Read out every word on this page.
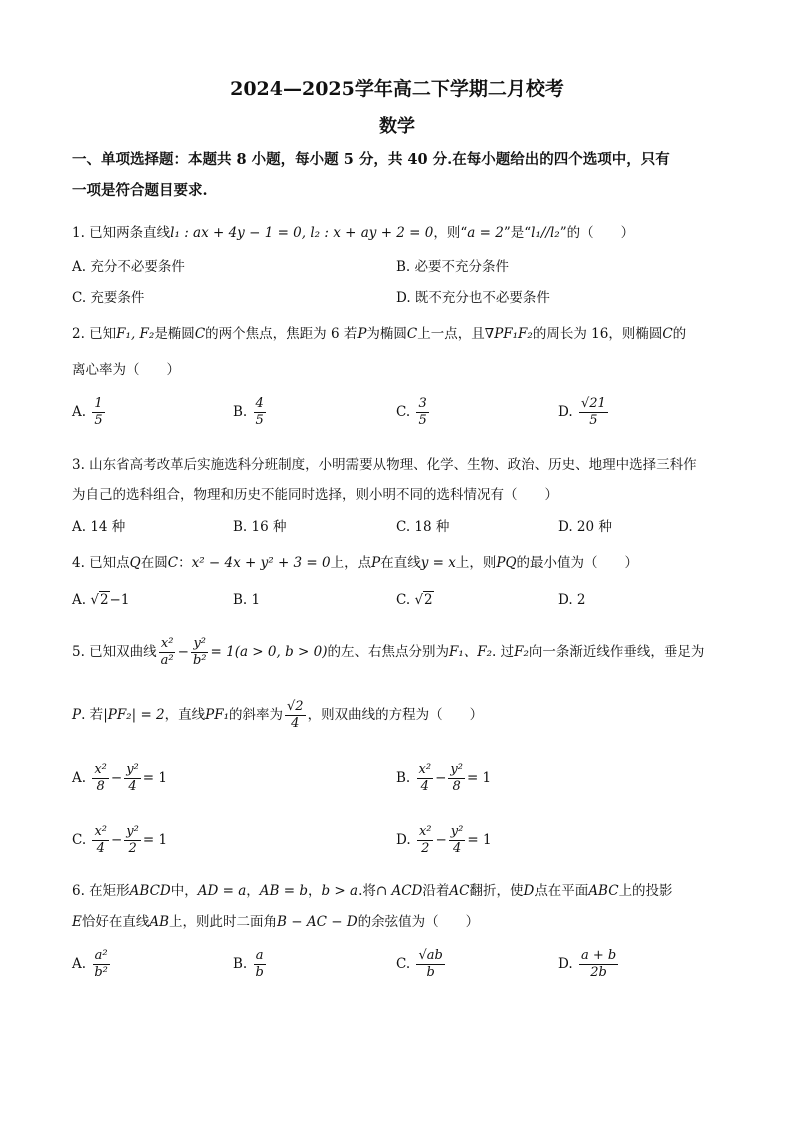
2024—2025学年高二下学期二月校考
数学
一、单项选择题：本题共 8 小题，每小题 5 分，共 40 分.在每小题给出的四个选项中，只有
一项是符合题目要求.
1. 已知两条直线l₁ : ax + 4y − 1 = 0, l₂ : x + ay + 2 = 0，则“a = 2”是“l₁//l₂”的（　　）
A. 充分不必要条件	B. 必要不充分条件
C. 充要条件	D. 既不充分也不必要条件
2. 已知F₁, F₂是椭圆C的两个焦点，焦距为 6 若P为椭圆C上一点，且∇PF₁F₂的周长为 16，则椭圆C的
离心率为（　　）
A. $\frac{1}{5}$	B. $\frac{4}{5}$	C. $\frac{3}{5}$	D. $\frac{√21}{5}$
3. 山东省高考改革后实施选科分班制度，小明需要从物理、化学、生物、政治、历史、地理中选择三科作
为自己的选科组合，物理和历史不能同时选择，则小明不同的选科情况有（　　）
A. 14 种	B. 16 种	C. 18 种	D. 20 种
4. 已知点Q在圆C：x² − 4x + y² + 3 = 0上，点P在直线y = x上，则PQ的最小值为（　　）
A. √2−1	B. 1	C. √2	D. 2
5. 已知双曲线 $\frac{\text{x²}}{\text{a²}} - \frac{\text{y²}}{\text{b²}} = 1(a > 0$, b > 0)的左、右焦点分别为F₁、F₂. 过F₂向一条渐近线作垂线，垂足为
P. 若|PF₂| = 2，直线PF₁的斜率为 $\frac{√2}{4}$ ，则双曲线的方程为（　　）
A. $\frac{\text{x²}}{8} - \frac{\text{y²}}{4} = 1$	B. $\frac{\text{x²}}{4} - \frac{\text{y²}}{8} = 1$
C. $\frac{\text{x²}}{4} - \frac{\text{y²}}{2} = 1$	D. $\frac{\text{x²}}{2} - \frac{\text{y²}}{4} = 1$
6. 在矩形ABCD中，AD = a，AB = b，b > a.将∩ ACD沿着AC翻折，使D点在平面ABC上的投影
E恰好在直线AB上，则此时二面角B − AC − D的余弦值为（　　）
A. $\frac{\text{a²}}{\text{b²}}$	B. $\frac{a}{b}$	C. $\frac{√ab}{b}$	D. $\frac{a + b}{2b}$
